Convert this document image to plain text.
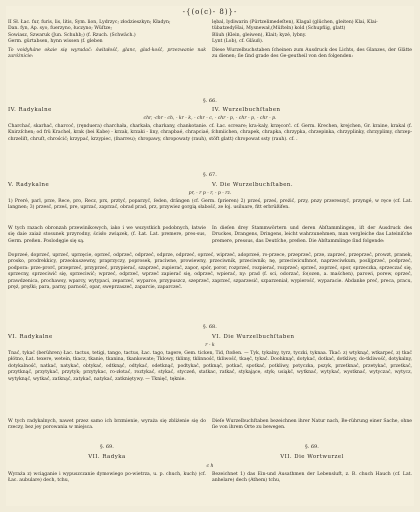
-{(o(c)- 8)}-
II Sł. Łac. fur, furis, lis, litis, Sym. lion, Lydrzyc; złodzieszkyn; Kładyn;
Dan. fyn, Ap. syo, fuerzyno, łuczyno; Wüſtze;
Sowiasz, Szwaruk (Jun. Schuhb;) (f. Rzuch. (Schwäch.)
Germ. gürtabsen, hynn wissen (f. gleben

To voidyháne okaie się wyradać: świtałość, glanc, glad-kość, przezwanie nak zaróżnicie:

lębal, lydiwarin (Pürtzelimedeſten), Klagal (glüchen, gleiten) Klai, Klai-
tübatzedyHai, Mysnewał,(Müſteln) kold (Schupfiig, glatt)
Bliuh (Klein, gleiwen), Klait; kyzé, lybny.
Lynt (Lob), cf. Gläuß).

Diese Wurzelbuchstaben ſcheinen zum Ausdruck des Lichts, des Glanzes, der Glätte zu dienen; ſie ſind grade des Ge-geutheil von den folgenden:

§. 66.
IV. Radykalne	IV. Wurzelbuchſtaben
chr, -chr - ch, - kr - k, - chr - c, - chr - p, - chr - p, - chr - p.

Charchać, skarhać, charcoć, (ręnduera) charchała, charkała, charkany, chankotanie. cf. Łac. screare; kra-kaly, krzęcorć. cf. Germ. Krechen, krejchen, Gr. kraine, krakal (f. Knirzſchen; od frü Krachel, krak (bei Kabe) - krzak, krzaki - liny, chrapbaé, chrapciaé, ſchmiichen, chrapek, chrapka, chrzypka, chrzepinka, chrzyplinky, chrzyplimy, chrzep-chrzeliſt, chruſt, chrościć; krzypać, krzypiec, (ſnarreu); chropawy, chropowaty (rauh), stöft glatt) chropowat ssty (rauh). cf. .

§. 67.
V. Radykalne	V. Die Wurzelbuchſtaben.
pr, - r p - r, - p - rz.

1) Preré, parl, prze, Rece, pro, Recz, prx, prztyć, poparzyć, ſeden, drängen (cf. Germ. ſprieren) 2) prześ, prześ, preżić, przy, pnzy przereszyć, przyngé, w ręce (cf. Lat. langnen; 3) przesć, prześ, pre, uprzać, zaprzać, obrad prad, prz, przywiez gorgią słabość, ze łoj. usiluare, fitt erbrüßifen.

W tych razach obronzah przewinikowych, iako i we wszystkich podobnych, łatwie się daie zaiaż stosunek przyrodny, ścisło związek, (f. Łat. Lat. premere, pres-sus, Germ. preßen. Poslodęgie się są.

In dieſen drey Stammwörtern und deren Abſtammlingen, iſt der Ausdruck des Druckes, Drangens, Dringens, leicht wahrzunehmen, man vergleiche das Lateiniſche premere, pressus, das Deutſche, preßen. Die Abſtammlinge ſind folgende:

Doprzeé, doprzeć, uprzeć, uprzęcie, oprzeć, odprzeć, odprzeć, odprze, odprzeć, oprzeć, wiprzeć, adoprzeé, ro-przece, przeprzeć, prze, zaprzeć, przeprzeć, prowzt, pranek, prosko, prodrekkicy, przeokuszewny, praprzyczy, poprosek, praciwne, prowiewny, przeciwnik, przeciwnik; nę, przeciwicufnnot, naprzeciwkum, poslijprzeć, podprzeć, podpora: prze-prorć, przeprzeć, przyprzeć, przypierać, szaprzeć, zupierać, zapor, spór, poror, rozprzeć, rozpierać, rozprzeć; sprzeć, zoprzeć, spor, sprzeczka, sprzeczać się, sprzecny, sprzeciwić się, sprzeciwić; wprzeć, odprzeć, wprzeć zapierać się, odprzeć, wpierać, ny: prad (f. sci, odorzać, ſo(ozen, a. maśchen), parowi, porew, oprzeć, prawdzenica, prochawsy, wparcy, wytypaci, zeparzeć, wyparce, przypuszcz, szeprzeć, zaprzeć, szparzesić, szparzeniał, wypierość, wyparacie. Abdanke preć, preca, pracu, pręż, pręźki; para, parny, parność, opar, sweprzaszeć, zaparcie, zaparczeć.

§. 68.
VI. Radykalne	VI. Die Wurzelbuchſtaben
r - k

Tnać, tykać (berühren) Łac. tactus, tetigi, tango, tactus, Łac. tago, tagere, Gem. ticken, Tid, ſtoßen. — Tyk, tykalny, tyrz, tyczki, tyknaa. Tkać: z) wtyknąć, wtkarpeć, z) tkać płótno, Łat. texere, wetein, tkacz, tkanie, tkanina, tkankowate; Tklowy, tklimy, tklinność, tkliwość, tkaęć, tykać. Doohknąć, dotykać, dotkać, dotkliwy, do-tkliwość, dotykalny, dotykalność, natkać, natykać, obtykać, odtknąć, odtykać, odetknąć, podtykać, potknąć, potkać, spotkać, potkliwy, potyczka, pszyk, przetknać, przetykać, przetkać, przytknąć, przytykać, przytyk; przytykac, ro-złotać, roztykać, stykać, styczeń, statkac, ratkać, stykające, styk; usiąkć, wytknać, wytykać, wystknać, wytyczać, wytycz, wytyknąć, wytkać, zatknąć, zatykać, natykać, zatkniętywy. — Tknięć, tęknie.

W tych radykalnych, nawet przez samo ich brzmienie, wyraża się zbliżenie się do rzeczy, bez jey porowania w miejsca.

Dieſe Wurzelbuchſtaben bezeichnen ihrer Natur nach, Be-rührung einer Sache, ohne ſie von ihrem Orte zu bewegen.

§. 69.	§. 69.
VII. Radyka	VII. Die Wortwurzel
c h

Wyraża z) wciąganie i wypuszczanie dymowiego po-wietrza, u. p. chuch, kuch) (cf. Łac. aubulare) dech, tchu,

Bezeichnet 1) das Ein-und Ausathmen der Lebensluft, z. B. chuch Hauch (cf. Lat. anhelare) dech (Athem) tchu,
